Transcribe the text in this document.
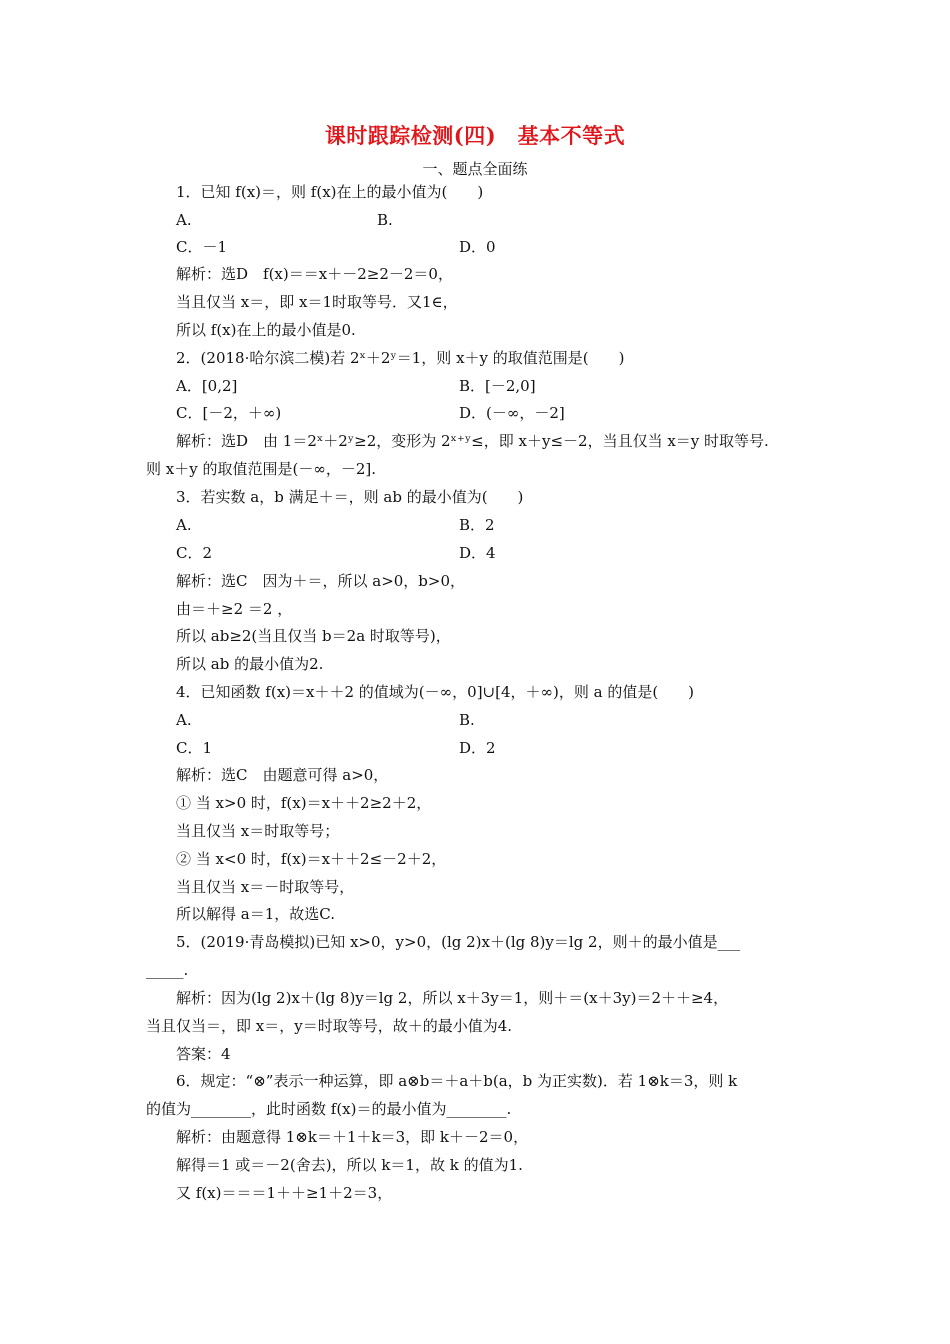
课时跟踪检测(四)　基本不等式
一、题点全面练
1．已知 f(x)＝，则 f(x)在上的最小值为(　　)
A.	B.
C．－1	D．0
解析：选D　f(x)＝＝x＋－2≥2－2＝0，
当且仅当 x＝，即 x＝1时取等号．又1∈，
所以 f(x)在上的最小值是0.
2．(2018·哈尔滨二模)若 2ˣ＋2ʸ＝1，则 x＋y 的取值范围是(　　)
A．[0,2]	B．[－2,0]
C．[－2，＋∞)	D．(－∞，－2]
解析：选D　由 1＝2ˣ＋2ʸ≥2，变形为 2ˣ⁺ʸ≤，即 x＋y≤－2，当且仅当 x＝y 时取等号.
则 x＋y 的取值范围是(－∞，－2].
3．若实数 a，b 满足＋＝，则 ab 的最小值为(　　)
A.	B．2
C．2	D．4
解析：选C　因为＋＝，所以 a>0，b>0，
由＝＋≥2 ＝2 ，
所以 ab≥2(当且仅当 b＝2a 时取等号)，
所以 ab 的最小值为2.
4．已知函数 f(x)＝x＋＋2 的值域为(－∞，0]∪[4，＋∞)，则 a 的值是(　　)
A.	B.
C．1	D．2
解析：选C　由题意可得 a>0，
① 当 x>0 时，f(x)＝x＋＋2≥2＋2，
当且仅当 x＝时取等号；
② 当 x<0 时，f(x)＝x＋＋2≤－2＋2，
当且仅当 x＝－时取等号，
所以解得 a＝1，故选C.
5．(2019·青岛模拟)已知 x>0，y>0，(lg 2)x＋(lg 8)y＝lg 2，则＋的最小值是___
_____.
解析：因为(lg 2)x＋(lg 8)y＝lg 2，所以 x＋3y＝1，则＋＝(x＋3y)＝2＋＋≥4，
当且仅当＝，即 x＝，y＝时取等号，故＋的最小值为4.
答案：4
6．规定：“⊗”表示一种运算，即 a⊗b＝＋a＋b(a，b 为正实数)．若 1⊗k＝3，则 k
的值为________，此时函数 f(x)＝的最小值为________.
解析：由题意得 1⊗k＝＋1＋k＝3，即 k＋－2＝0，
解得＝1 或＝－2(舍去)，所以 k＝1，故 k 的值为1.
又 f(x)＝＝＝1＋＋≥1＋2＝3，
